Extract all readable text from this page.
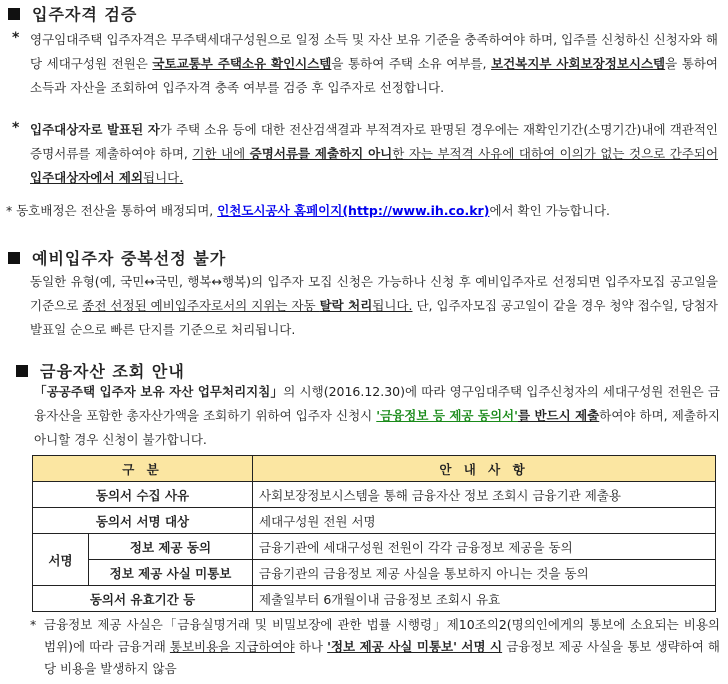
입주자격 검증
* 영구임대주택 입주자격은 무주택세대구성원으로 일정 소득 및 자산 보유 기준을 충족하여야 하며, 입주를 신청하신 신청자와 해당 세대구성원 전원은 국토교통부 주택소유 확인시스템을 통하여 주택 소유 여부를, 보건복지부 사회보장정보시스템을 통하여 소득과 자산을 조회하여 입주자격 충족 여부를 검증 후 입주자로 선정합니다.
* 입주대상자로 발표된 자가 주택 소유 등에 대한 전산검색결과 부적격자로 판명된 경우에는 재확인기간(소명기간)내에 객관적인 증명서류를 제출하여야 하며, 기한 내에 증명서류를 제출하지 아니한 자는 부적격 사유에 대하여 이의가 없는 것으로 간주되어 입주대상자에서 제외됩니다.
* 동호배정은 전산을 통하여 배정되며, 인천도시공사 홈페이지(http://www.ih.co.kr)에서 확인 가능합니다.
예비입주자 중복선정 불가
동일한 유형(예, 국민↔국민, 행복↔행복)의 입주자 모집 신청은 가능하나 신청 후 예비입주자로 선정되면 입주자모집 공고일을 기준으로 종전 선정된 예비입주자로서의 지위는 자동 탈락 처리됩니다. 단, 입주자모집 공고일이 같을 경우 청약 접수일, 당첨자 발표일 순으로 빠른 단지를 기준으로 처리됩니다.
금융자산 조회 안내
「공공주택 입주자 보유 자산 업무처리지침」의 시행(2016.12.30)에 따라 영구임대주택 입주신청자의 세대구성원 전원은 금융자산을 포함한 총자산가액을 조회하기 위하여 입주자 신청시 '금융정보 등 제공 동의서'를 반드시 제출하여야 하며, 제출하지 아니할 경우 신청이 불가합니다.
구 분		안 내 사 항
동의서 수집 사유		사회보장정보시스템을 통해 금융자산 정보 조회시 금융기관 제출용
동의서 서명 대상		세대구성원 전원 서명
서명	정보 제공 동의	금융기관에 세대구성원 전원이 각각 금융정보 제공을 동의
	정보 제공 사실 미통보	금융기관의 금융정보 제공 사실을 통보하지 아니는 것을 동의
동의서 유효기간 등		제출일부터 6개월이내 금융정보 조회시 유효
* 금융정보 제공 사실은「금융실명거래 및 비밀보장에 관한 법률 시행령」제10조의2(명의인에게의 통보에 소요되는 비용의 범위)에 따라 금융거래 통보비용을 지급하여야 하나 '정보 제공 사실 미통보' 서명 시 금융정보 제공 사실을 통보 생략하여 해당 비용을 발생하지 않음
